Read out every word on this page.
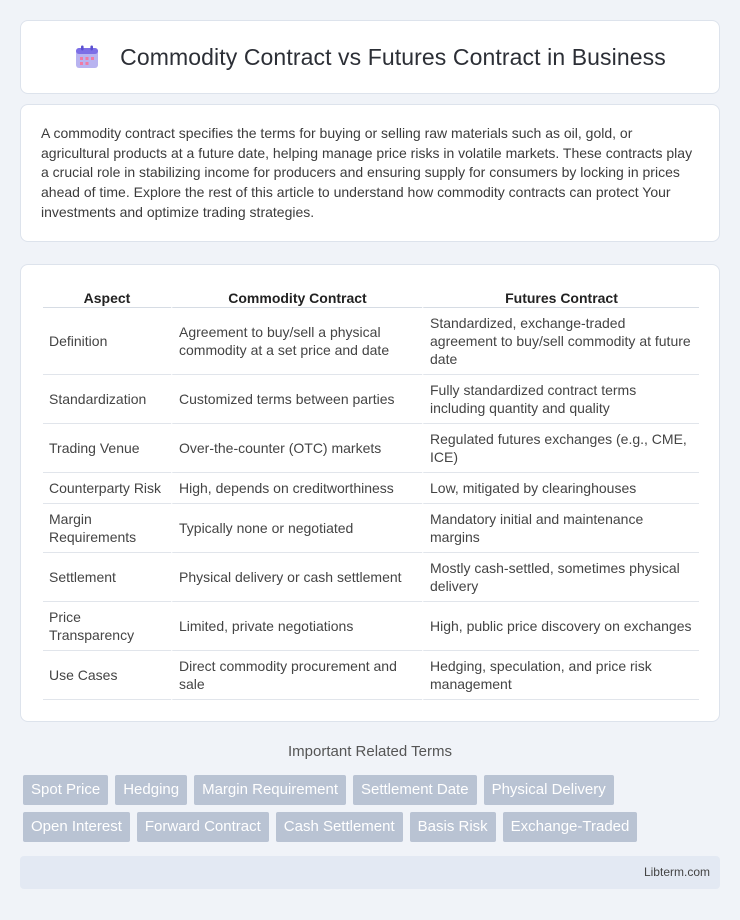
Commodity Contract vs Futures Contract in Business

A commodity contract specifies the terms for buying or selling raw materials such as oil, gold, or agricultural products at a future date, helping manage price risks in volatile markets. These contracts play a crucial role in stabilizing income for producers and ensuring supply for consumers by locking in prices ahead of time. Explore the rest of this article to understand how commodity contracts can protect Your investments and optimize trading strategies.

Aspect	Commodity Contract	Futures Contract
Definition	Agreement to buy/sell a physical commodity at a set price and date	Standardized, exchange-traded agreement to buy/sell commodity at future date
Standardization	Customized terms between parties	Fully standardized contract terms including quantity and quality
Trading Venue	Over-the-counter (OTC) markets	Regulated futures exchanges (e.g., CME, ICE)
Counterparty Risk	High, depends on creditworthiness	Low, mitigated by clearinghouses
Margin Requirements	Typically none or negotiated	Mandatory initial and maintenance margins
Settlement	Physical delivery or cash settlement	Mostly cash-settled, sometimes physical delivery
Price Transparency	Limited, private negotiations	High, public price discovery on exchanges
Use Cases	Direct commodity procurement and sale	Hedging, speculation, and price risk management
Important Related Terms
Spot Price	Hedging	Margin Requirement	Settlement Date	Physical Delivery
Open Interest	Forward Contract	Cash Settlement	Basis Risk	Exchange-Traded
Libterm.com
